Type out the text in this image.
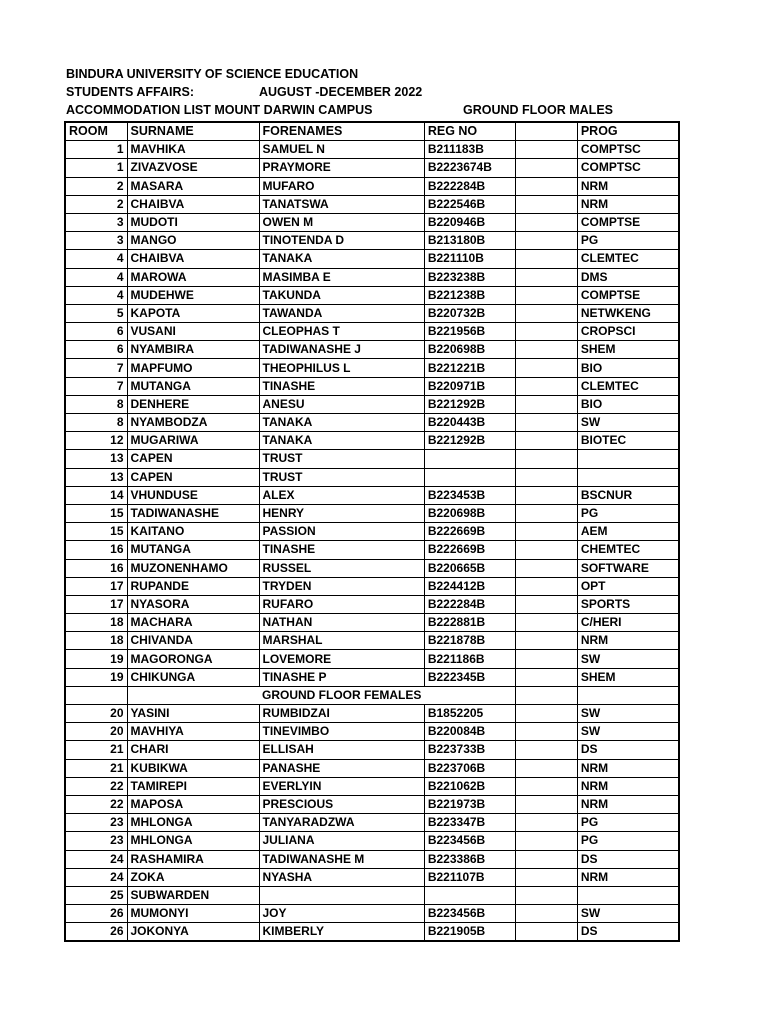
BINDURA UNIVERSITY OF SCIENCE EDUCATION
STUDENTS AFFAIRS:	AUGUST -DECEMBER 2022
ACCOMMODATION LIST MOUNT DARWIN CAMPUS	GROUND FLOOR MALES
ROOM	SURNAME	FORENAMES	REG NO		PROG
1	MAVHIKA	SAMUEL N	B211183B		COMPTSC
1	ZIVAZVOSE	PRAYMORE	B2223674B		COMPTSC
2	MASARA	MUFARO	B222284B		NRM
2	CHAIBVA	TANATSWA	B222546B		NRM
3	MUDOTI	OWEN M	B220946B		COMPTSE
3	MANGO	TINOTENDA D	B213180B		PG
4	CHAIBVA	TANAKA	B221110B		CLEMTEC
4	MAROWA	MASIMBA E	B223238B		DMS
4	MUDEHWE	TAKUNDA	B221238B		COMPTSE
5	KAPOTA	TAWANDA	B220732B		NETWKENG
6	VUSANI	CLEOPHAS T	B221956B		CROPSCI
6	NYAMBIRA	TADIWANASHE J	B220698B		SHEM
7	MAPFUMO	THEOPHILUS L	B221221B		BIO
7	MUTANGA	TINASHE	B220971B		CLEMTEC
8	DENHERE	ANESU	B221292B		BIO
8	NYAMBODZA	TANAKA	B220443B		SW
12	MUGARIWA	TANAKA	B221292B		BIOTEC
13	CAPEN	TRUST			
13	CAPEN	TRUST			
14	VHUNDUSE	ALEX	B223453B		BSCNUR
15	TADIWANASHE	HENRY	B220698B		PG
15	KAITANO	PASSION	B222669B		AEM
16	MUTANGA	TINASHE	B222669B		CHEMTEC
16	MUZONENHAMO	RUSSEL	B220665B		SOFTWARE
17	RUPANDE	TRYDEN	B224412B		OPT
17	NYASORA	RUFARO	B222284B		SPORTS
18	MACHARA	NATHAN	B222881B		C/HERI
18	CHIVANDA	MARSHAL	B221878B		NRM
19	MAGORONGA	LOVEMORE	B221186B		SW
19	CHIKUNGA	TINASHE P	B222345B		SHEM
		GROUND FLOOR FEMALES			
20	YASINI	RUMBIDZAI	B1852205		SW
20	MAVHIYA	TINEVIMBO	B220084B		SW
21	CHARI	ELLISAH	B223733B		DS
21	KUBIKWA	PANASHE	B223706B		NRM
22	TAMIREPI	EVERLYIN	B221062B		NRM
22	MAPOSA	PRESCIOUS	B221973B		NRM
23	MHLONGA	TANYARADZWA	B223347B		PG
23	MHLONGA	JULIANA	B223456B		PG
24	RASHAMIRA	TADIWANASHE M	B223386B		DS
24	ZOKA	NYASHA	B221107B		NRM
25	SUBWARDEN				
26	MUMONYI	JOY	B223456B		SW
26	JOKONYA	KIMBERLY	B221905B		DS
